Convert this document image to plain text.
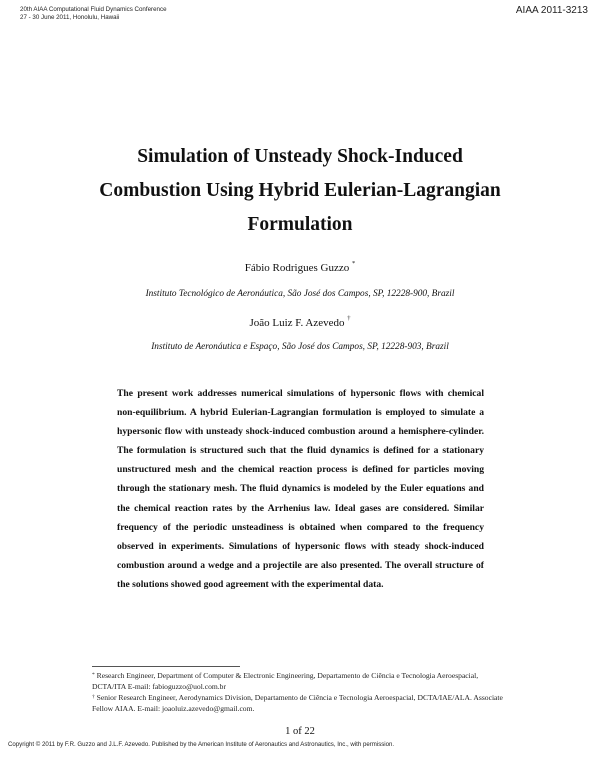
20th AIAA Computational Fluid Dynamics Conference
27 - 30 June 2011, Honolulu, Hawaii
AIAA 2011-3213
Simulation of Unsteady Shock-Induced
Combustion Using Hybrid Eulerian-Lagrangian
Formulation
Fábio Rodrigues Guzzo *
Instituto Tecnológico de Aeronáutica, São José dos Campos, SP, 12228-900, Brazil
João Luiz F. Azevedo †
Instituto de Aeronáutica e Espaço, São José dos Campos, SP, 12228-903, Brazil
The present work addresses numerical simulations of hypersonic flows with chemical non-equilibrium. A hybrid Eulerian-Lagrangian formulation is employed to simulate a hypersonic flow with unsteady shock-induced combustion around a hemisphere-cylinder. The formulation is structured such that the fluid dynamics is defined for a stationary unstructured mesh and the chemical reaction process is defined for particles moving through the stationary mesh. The fluid dynamics is modeled by the Euler equations and the chemical reaction rates by the Arrhenius law. Ideal gases are considered. Similar frequency of the periodic unsteadiness is obtained when compared to the frequency observed in experiments. Simulations of hypersonic flows with steady shock-induced combustion around a wedge and a projectile are also presented. The overall structure of the solutions showed good agreement with the experimental data.

* Research Engineer, Department of Computer & Electronic Engineering, Departamento de Ciência e Tecnologia Aeroespacial, DCTA/ITA E-mail: fabioguzzo@uol.com.br

† Senior Research Engineer, Aerodynamics Division, Departamento de Ciência e Tecnologia Aeroespacial, DCTA/IAE/ALA. Associate Fellow AIAA. E-mail: joaoluiz.azevedo@gmail.com.

1 of 22
Copyright © 2011 by F.R. Guzzo and J.L.F. Azevedo. Published by the American Institute of Aeronautics and Astronautics, Inc., with permission.
